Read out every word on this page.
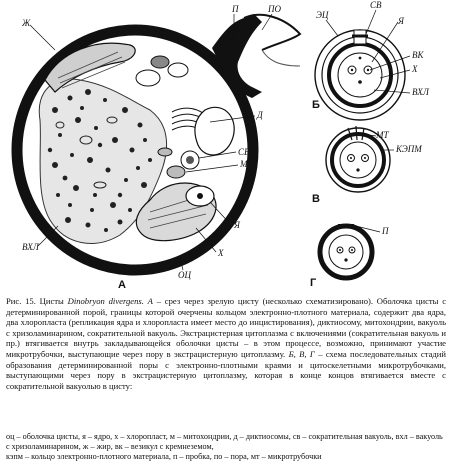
Ж
П	ПО
Д
СВ
М
Я
Х
ОЦ
ВХЛ
А
ЭЦ
СВ
Я
ВК
Х
ВХЛ
Б
МТ
КЭПМ
В
П
Г

Рис. 15. Цисты Dinobryon divergens. А – срез через зрелую цисту (несколько схематизировано). Оболочка цисты с детерминированной порой, границы которой очерчены кольцом электронно-плотного материала, содержит два ядра, два хлоропласта (репликация ядра и хлоропласта имеет место до инцистирования), диктиосому, митохондрии, вакуоль с хризоламинарином, сократительной вакуоль. Экстрацистерная цитоплазма с включениями (сократительная вакуоль и пр.) втягивается внутрь закладывающейся оболочки цисты – в этом процессе, возможно, принимают участие микротрубочки, выступающие через пору в экстрацистерную цитоплазму. Б, В, Г – схема последовательных стадий образования детерминированной поры с электронно-плотными краями и цитоскелетными микротрубочками, выступающими через пору в экстрацистерную цитоплазму, которая в конце концов втягивается вместе с сократительной вакуолью в цисту:

оц – оболочка цисты, я – ядро, х – хлоропласт, м – митохондрии, д – диктиосомы, св – сократительная вакуоль, вхл – вакуоль с хризоламинарином, ж – жир, вк – везикул с кремнеземом,

кэпм – кольцо электронно-плотного материала, п – пробка, по – пора, мт – микротрубочки
